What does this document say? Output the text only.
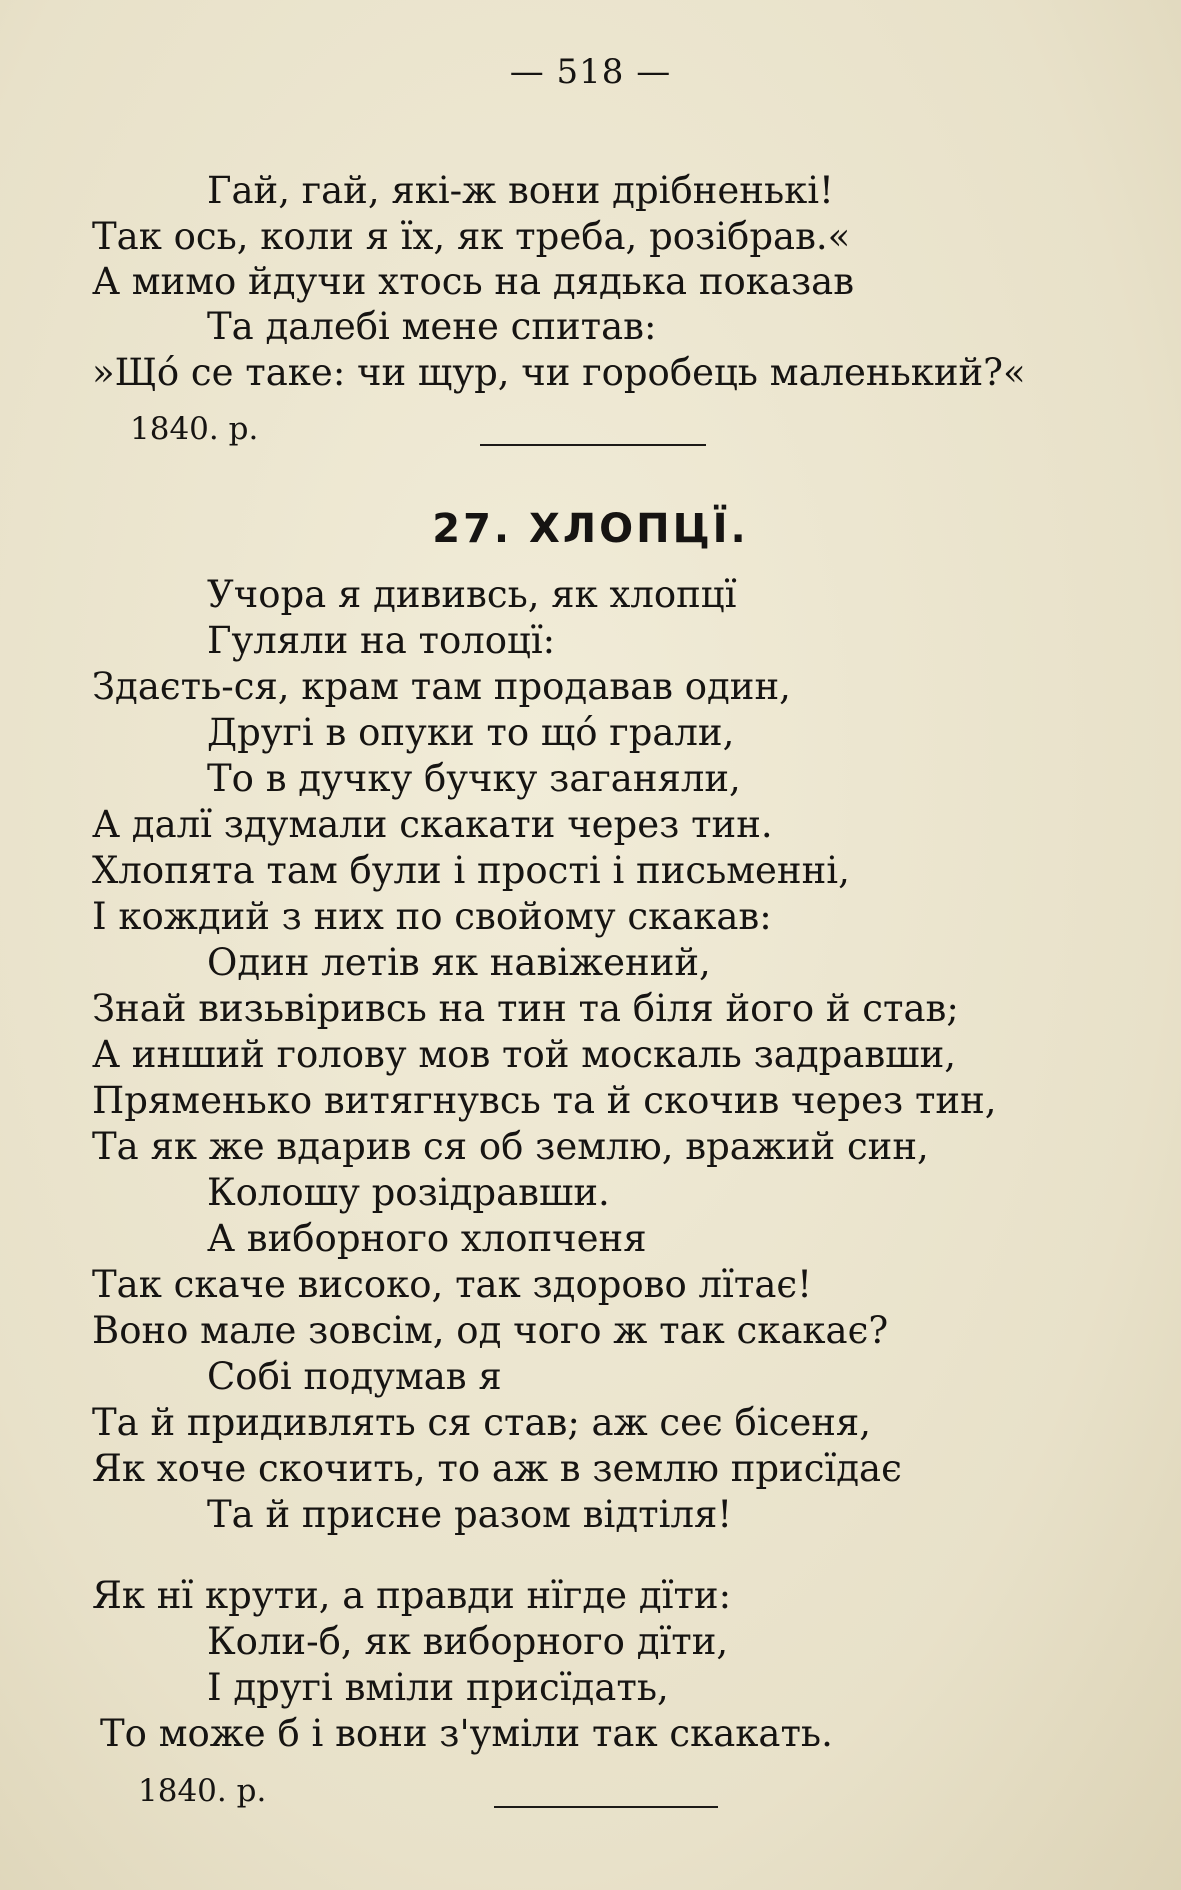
— 518 —
Гай, гай, які-ж вони дрібненькі!
Так ось, коли я їх, як треба, розібрав.«
А мимо йдучи хтось на дядька показав
Та далебі мене спитав:
»Щó се таке: чи щур, чи горобець маленький?«
1840. р.
27. ХЛОПЦЇ.
Учора я дививсь, як хлопцї
Гуляли на толоцї:
Здаєть-ся, крам там продавав один,
Другі в опуки то щó грали,
То в дучку бучку заганяли,
А далї здумали скакати через тин.
Хлопята там були і прості і письменні,
І кождий з них по свойому скакав:
Один летів як навіжений,
Знай визьвіривсь на тин та біля його й став;
А инший голову мов той москаль задравши,
Пряменько витягнувсь та й скочив через тин,
Та як же вдарив ся об землю, вражий син,
Колошу розідравши.
А виборного хлопченя
Так скаче високо, так здорово лїтає!
Воно мале зовсім, од чого ж так скакає?
Собі подумав я
Та й придивлять ся став; аж сеє бісеня,
Як хоче скочить, то аж в землю присїдає
Та й присне разом відтіля!
Як нї крути, а правди нїгде дїти:
Коли-б, як виборного дїти,
І другі вміли присїдать,
То може б і вони з'уміли так скакать.
1840. р.
